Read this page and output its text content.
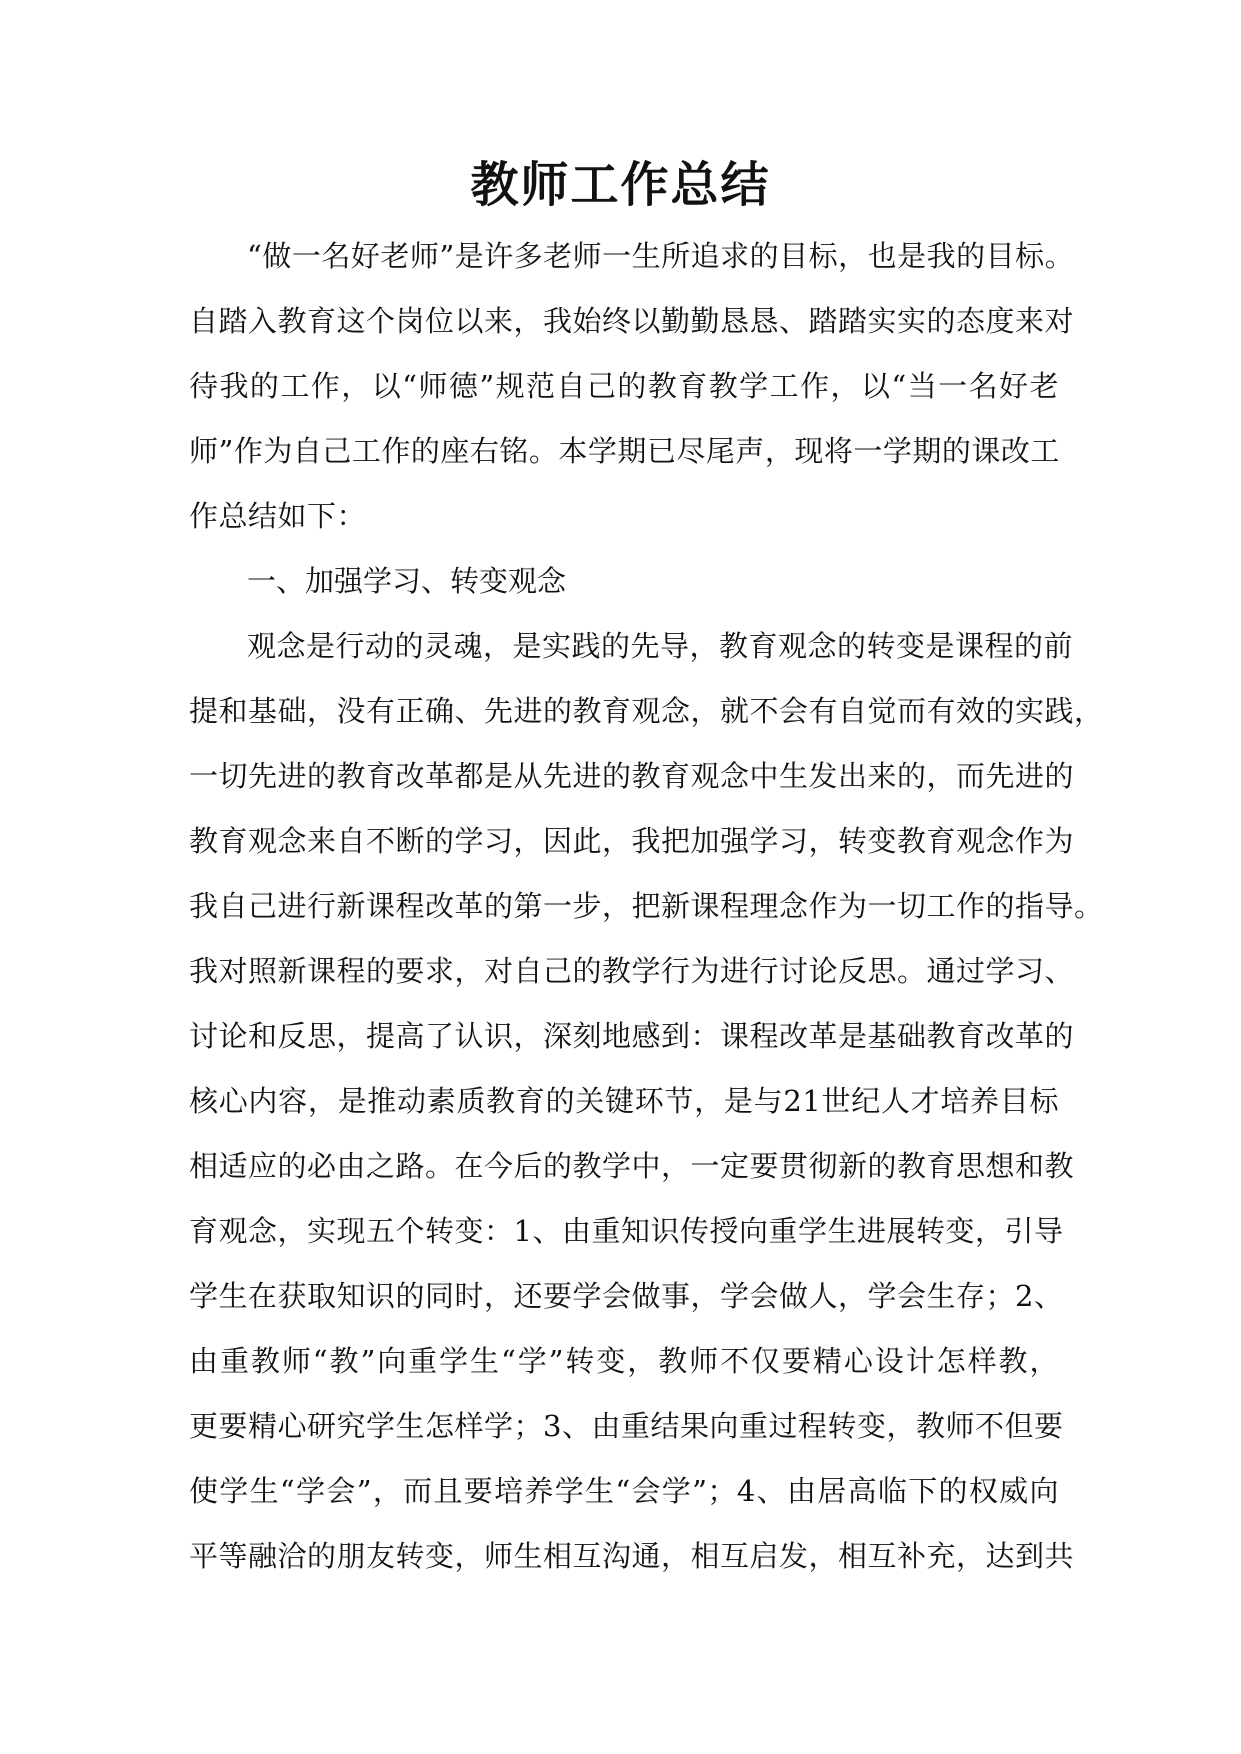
教师工作总结
“做一名好老师”是许多老师一生所追求的目标，也是我的目标。
自踏入教育这个岗位以来，我始终以勤勤恳恳、踏踏实实的态度来对
待我的工作，以“师德”规范自己的教育教学工作，以“当一名好老
师”作为自己工作的座右铭。本学期已尽尾声，现将一学期的课改工
作总结如下：
一、加强学习、转变观念
观念是行动的灵魂，是实践的先导，教育观念的转变是课程的前
提和基础，没有正确、先进的教育观念，就不会有自觉而有效的实践，
一切先进的教育改革都是从先进的教育观念中生发出来的，而先进的
教育观念来自不断的学习，因此，我把加强学习，转变教育观念作为
我自己进行新课程改革的第一步，把新课程理念作为一切工作的指导。
我对照新课程的要求，对自己的教学行为进行讨论反思。通过学习、
讨论和反思，提高了认识，深刻地感到：课程改革是基础教育改革的
核心内容，是推动素质教育的关键环节，是与21世纪人才培养目标
相适应的必由之路。在今后的教学中，一定要贯彻新的教育思想和教
育观念，实现五个转变：1、由重知识传授向重学生进展转变，引导
学生在获取知识的同时，还要学会做事，学会做人，学会生存；2、
由重教师“教”向重学生“学”转变，教师不仅要精心设计怎样教，
更要精心研究学生怎样学；3、由重结果向重过程转变，教师不但要
使学生“学会”，而且要培养学生“会学”；4、由居高临下的权威向
平等融洽的朋友转变，师生相互沟通，相互启发，相互补充，达到共
